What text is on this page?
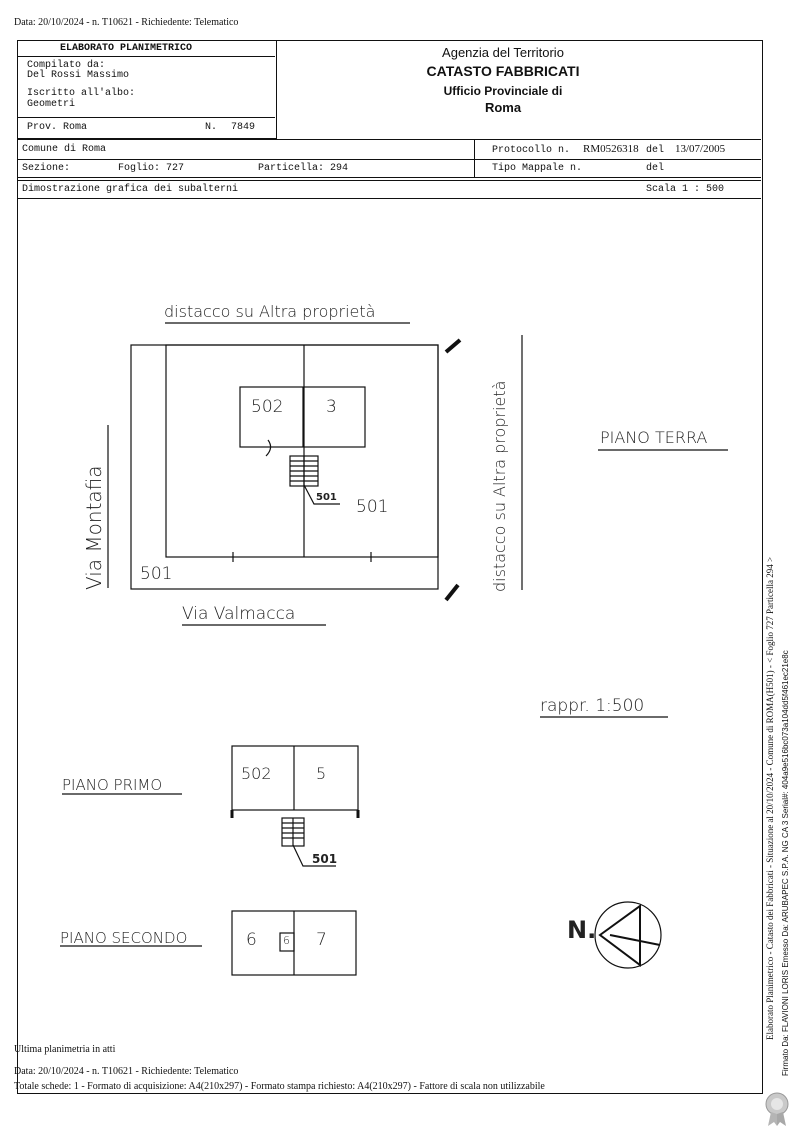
Data: 20/10/2024 - n. T10621 - Richiedente: Telematico
ELABORATO PLANIMETRICO
Compilato da:
Del Rossi Massimo
Iscritto all'albo:
Geometri
Prov. Roma	N. 7849
Agenzia del Territorio
CATASTO FABBRICATI
Ufficio Provinciale di
Roma
Comune di Roma
Sezione:	Foglio: 727	Particella: 294
Protocollo n. RM0526318 del 13/07/2005
Tipo Mappale n.	del
Dimostrazione grafica dei subalterni	Scala 1 : 500
distacco su Altra proprietà
distacco su Altra proprietà
Via Montafia
Via Valmacca
PIANO TERRA
PIANO PRIMO
PIANO SECONDO
rappr. 1:500
N.
502	3
501 501
501
502	5
501
6 6 7
Ultima planimetria in atti
Data: 20/10/2024 - n. T10621 - Richiedente: Telematico
Totale schede: 1 - Formato di acquisizione: A4(210x297) - Formato stampa richiesto: A4(210x297) - Fattore di scala non utilizzabile
Elaborato Planimetrico - Catasto dei Fabbricati - Situazione al 20/10/2024 - Comune di ROMA(H501) - < Foglio 727 Particella 294 > Firmato Da: FLAVIONI LORIS Emesso Da: ARUBAPEC S.P.A. NG CA 3 Serial#: 404a9e516bc073a104dd5f461ec21e8c
